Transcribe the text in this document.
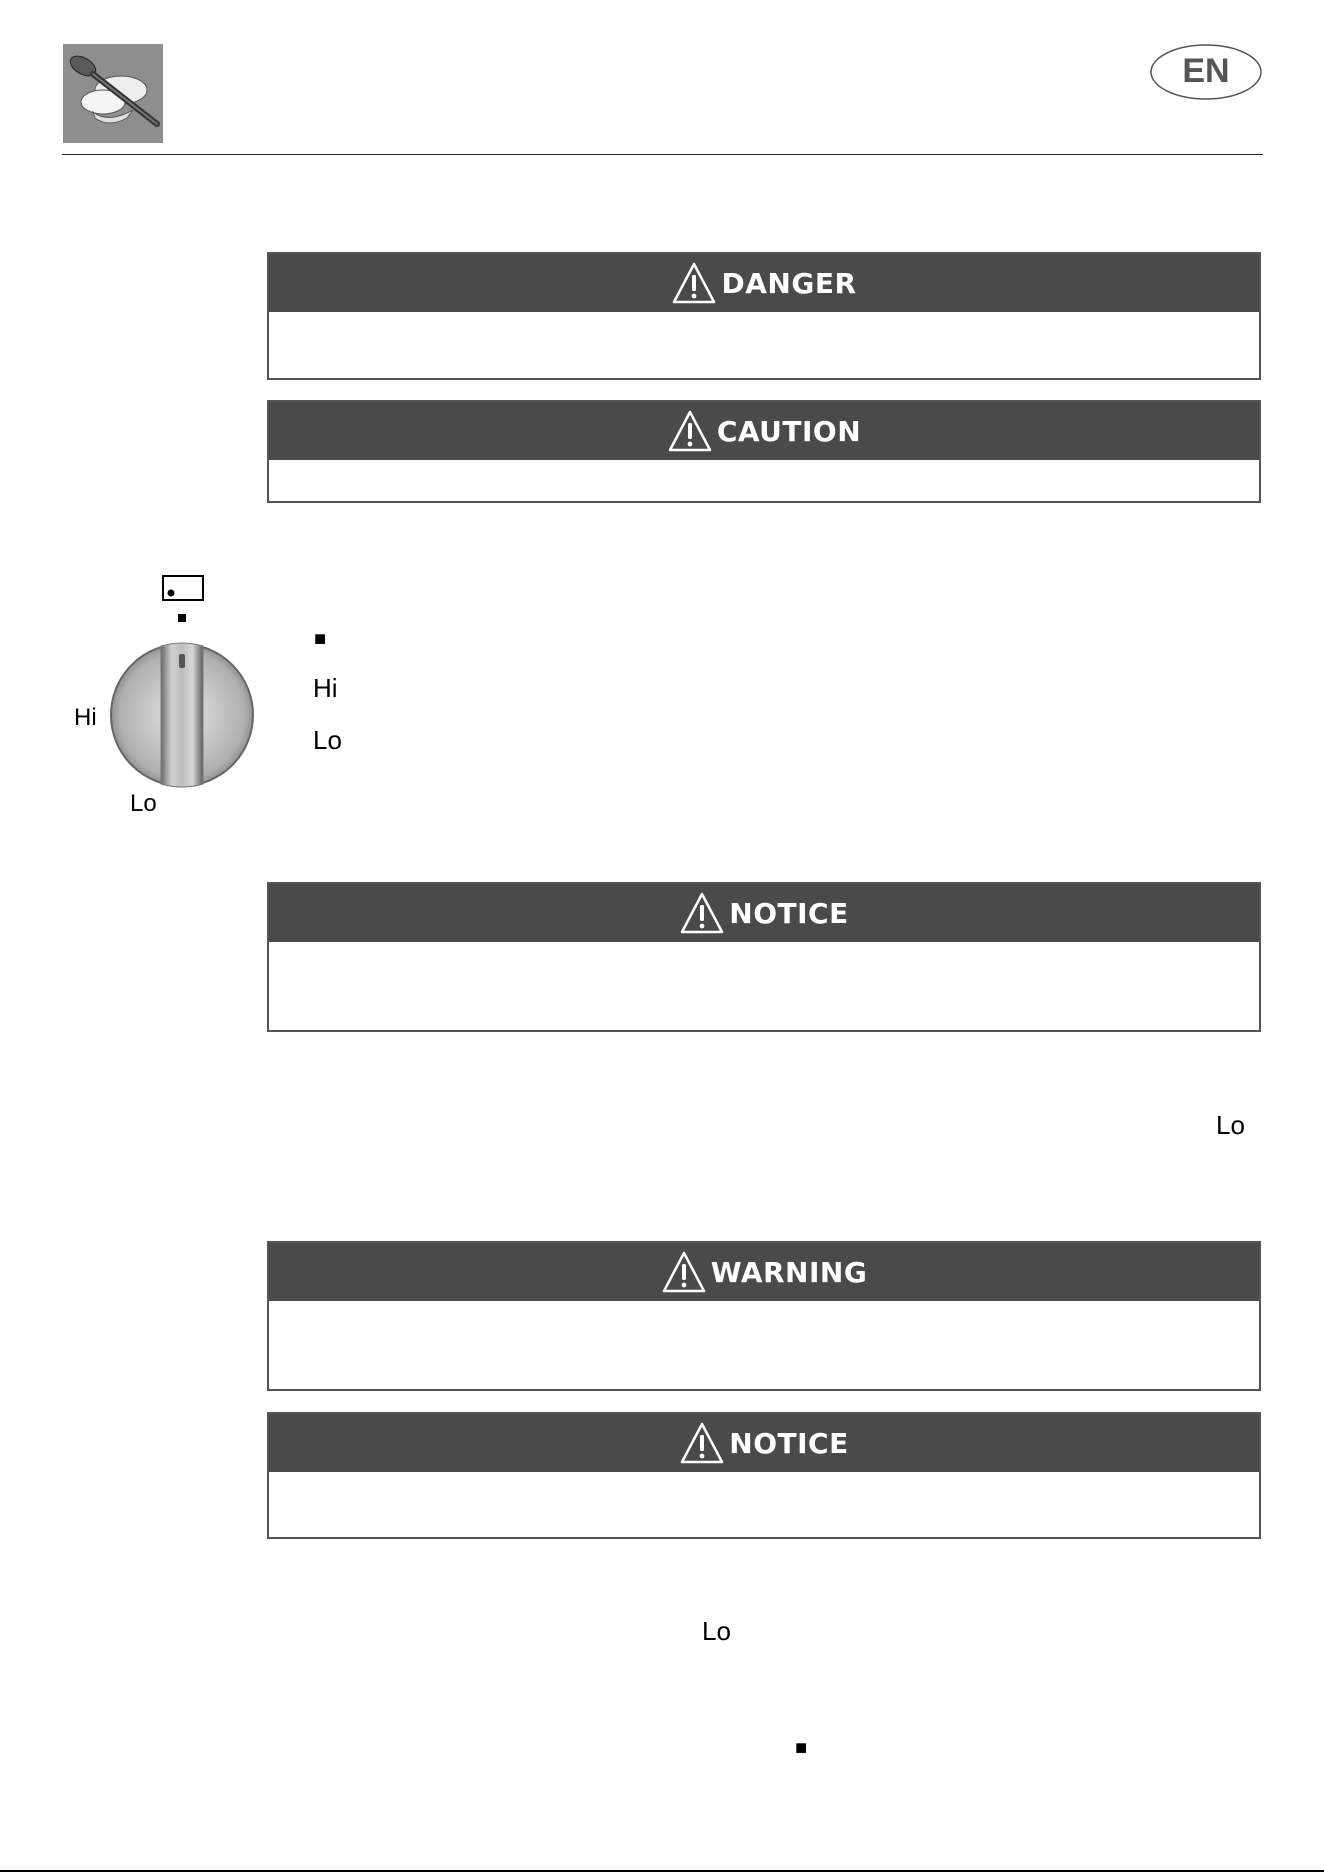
EN
DANGER
CAUTION
Hi
Lo
■
Hi
Lo
NOTICE
Lo
WARNING
NOTICE
Lo
■
